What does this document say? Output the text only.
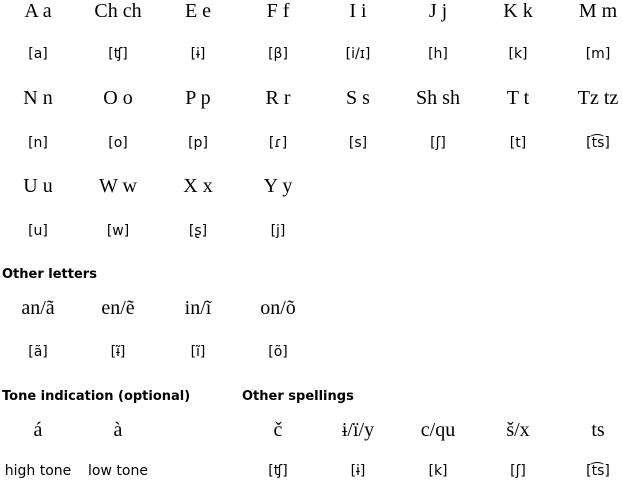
A a
[a]
Ch ch
[ʧ]
E e
[ɨ]
F f
[β]
I i
[i/ɪ]
J j
[h]
K k
[k]
M m
[m]
N n
[n]
O o
[o]
P p
[p]
R r
[ɾ]
S s
[s]
Sh sh
[ʃ]
T t
[t]
Tz tz
[t͡s]
U u
[u]
W w
[w]
X x
[ʂ]
Y y
[j]
Other letters
an/ã
[ã]
en/ẽ
[ɨ̃]
in/ĩ
[ĩ]
on/õ
[õ]
Tone indication (optional)
á
high tone
à
low tone
Other spellings
č
[ʧ]
ɨ/ï/y
[ɨ]
c/qu
[k]
š/x
[ʃ]
ts
[t͡s]
